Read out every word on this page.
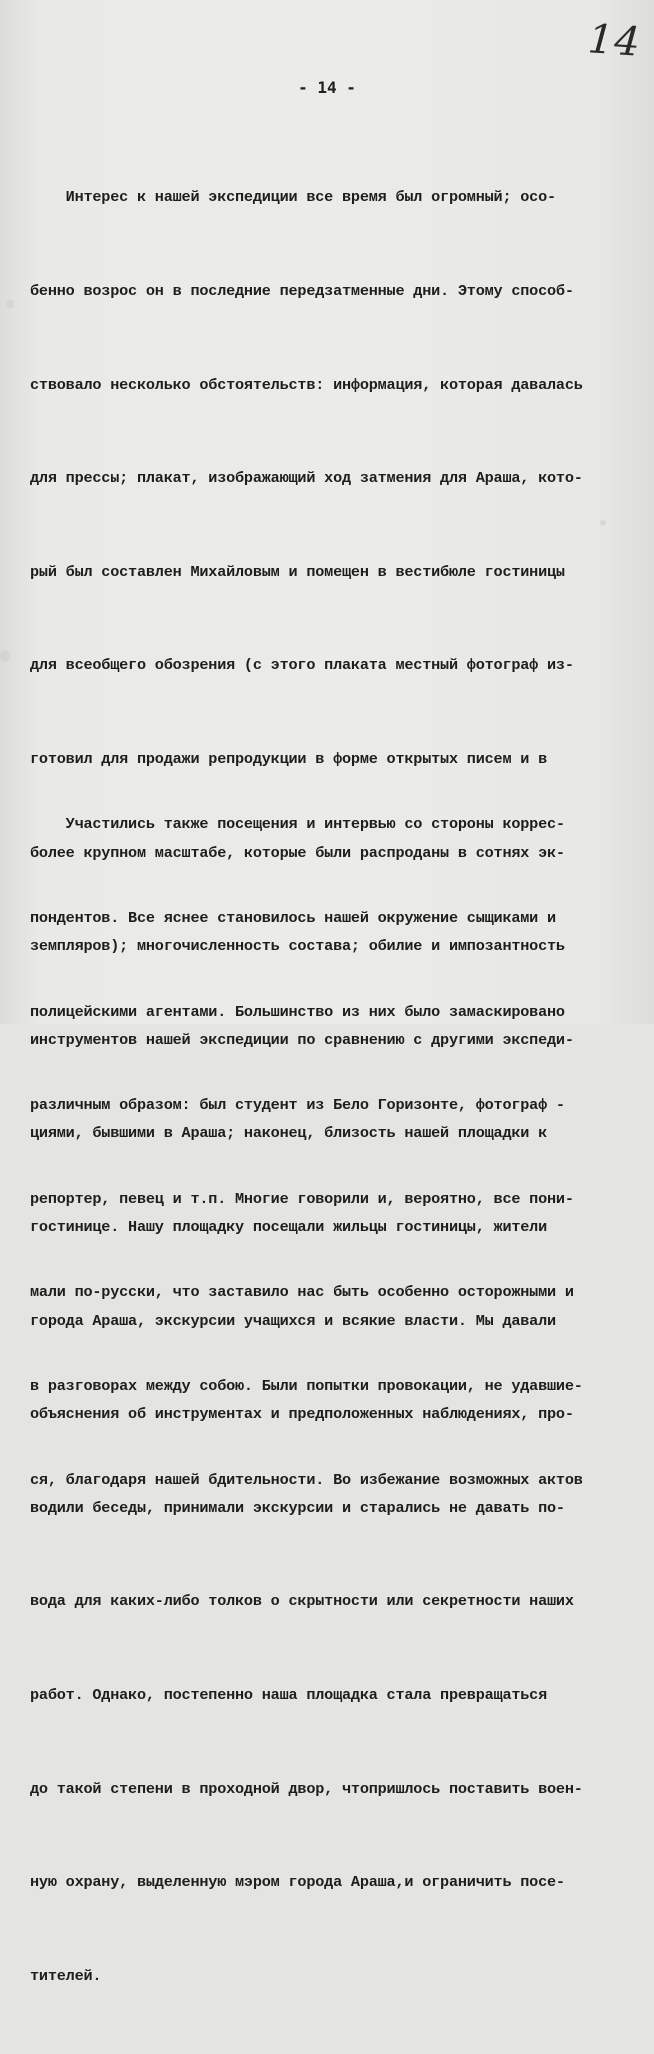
14
- 14 -

Интерес к нашей экспедиции все время был огромный; осо-

бенно возрос он в последние передзатменные дни. Этому способ-

ствовало несколько обстоятельств: информация, которая давалась

для прессы; плакат, изображающий ход затмения для Араша, кото-

рый был составлен Михайловым и помещен в вестибюле гостиницы

для всеобщего обозрения (с этого плаката местный фотограф из-

готовил для продажи репродукции в форме открытых писем и в

более крупном масштабе, которые были распроданы в сотнях эк-

земпляров); многочисленность состава; обилие и импозантность

инструментов нашей экспедиции по сравнению с другими экспеди-

циями, бывшими в Араша; наконец, близость нашей площадки к

гостинице. Нашу площадку посещали жильцы гостиницы, жители

города Араша, экскурсии учащихся и всякие власти. Мы давали

объяснения об инструментах и предположенных наблюдениях, про-

водили беседы, принимали экскурсии и старались не давать по-

вода для каких-либо толков о скрытности или секретности наших

работ. Однако, постепенно наша площадка стала превращаться

до такой степени в проходной двор, чтопришлось поставить воен-

ную охрану, выделенную мэром города Араша,и ограничить посе-

тителей.

Участились также посещения и интервью со стороны коррес-

пондентов. Все яснее становилось нашей окружение сыщиками и

полицейскими агентами. Большинство из них было замаскировано

различным образом: был студент из Бело Горизонте, фотограф -

репортер, певец и т.п. Многие говорили и, вероятно, все пони-

мали по-русски, что заставило нас быть особенно осторожными и

в разговорах между собою. Были попытки провокации, не удавшие-

ся, благодаря нашей бдительности. Во избежание возможных актов
